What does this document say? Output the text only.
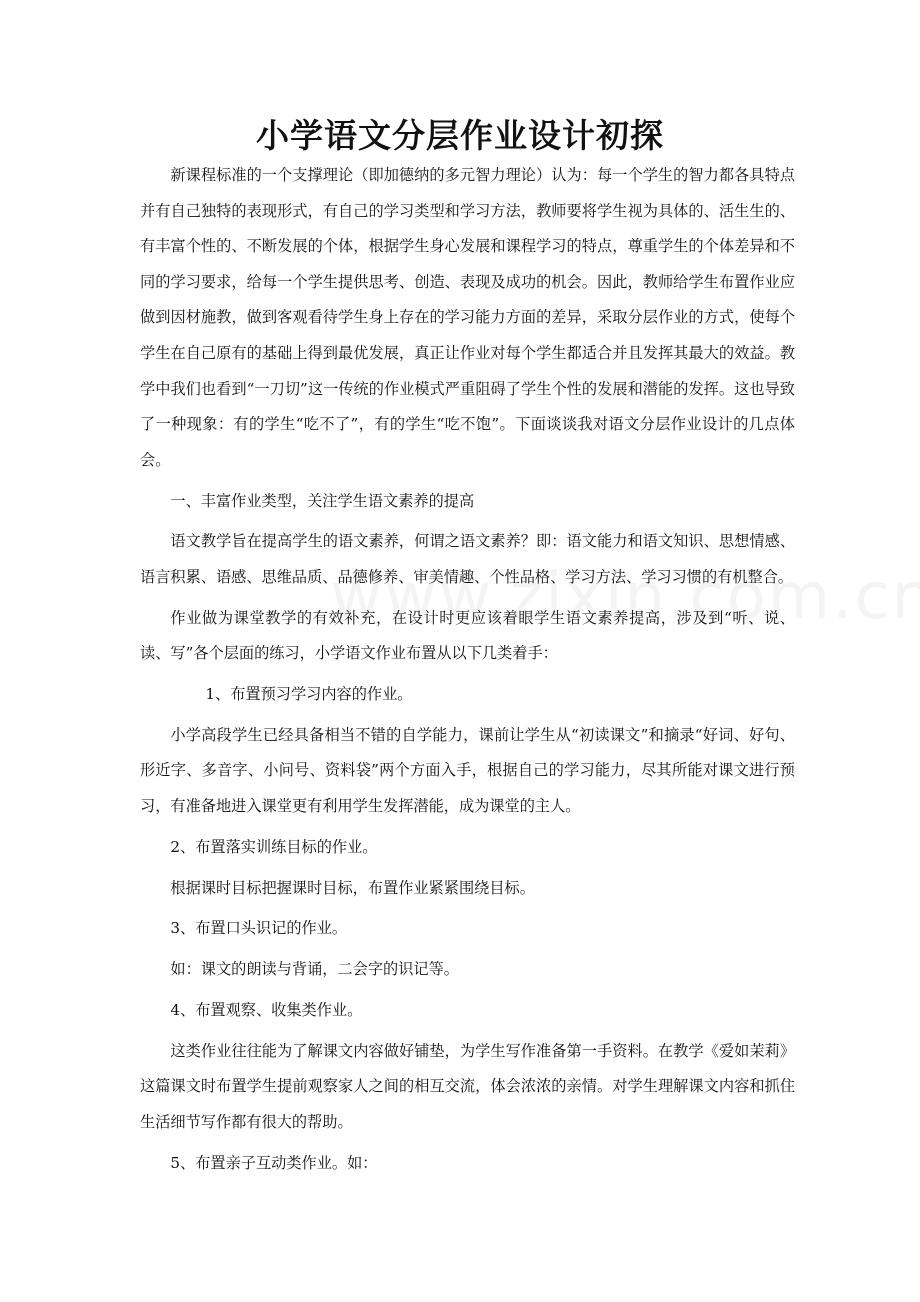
小学语文分层作业设计初探

新课程标准的一个支撑理论（即加德纳的多元智力理论）认为：每一个学生的智力都各具特点并有自己独特的表现形式，有自己的学习类型和学习方法，教师要将学生视为具体的、活生生的、有丰富个性的、不断发展的个体，根据学生身心发展和课程学习的特点，尊重学生的个体差异和不同的学习要求，给每一个学生提供思考、创造、表现及成功的机会。因此，教师给学生布置作业应做到因材施教，做到客观看待学生身上存在的学习能力方面的差异，采取分层作业的方式，使每个学生在自己原有的基础上得到最优发展，真正让作业对每个学生都适合并且发挥其最大的效益。教学中我们也看到“一刀切”这一传统的作业模式严重阻碍了学生个性的发展和潜能的发挥。这也导致了一种现象：有的学生“吃不了”，有的学生“吃不饱”。下面谈谈我对语文分层作业设计的几点体会。

一、丰富作业类型，关注学生语文素养的提高

语文教学旨在提高学生的语文素养，何谓之语文素养？即：语文能力和语文知识、思想情感、语言积累、语感、思维品质、品德修养、审美情趣、个性品格、学习方法、学习习惯的有机整合。

作业做为课堂教学的有效补充，在设计时更应该着眼学生语文素养提高，涉及到“听、说、读、写”各个层面的练习，小学语文作业布置从以下几类着手：

1、布置预习学习内容的作业。

小学高段学生已经具备相当不错的自学能力，课前让学生从“初读课文”和摘录“好词、好句、形近字、多音字、小问号、资料袋”两个方面入手，根据自己的学习能力，尽其所能对课文进行预习，有准备地进入课堂更有利用学生发挥潜能，成为课堂的主人。

2、布置落实训练目标的作业。

根据课时目标把握课时目标，布置作业紧紧围绕目标。

3、布置口头识记的作业。

如：课文的朗读与背诵，二会字的识记等。

4、布置观察、收集类作业。

这类作业往往能为了解课文内容做好铺垫，为学生写作准备第一手资料。在教学《爱如茉莉》这篇课文时布置学生提前观察家人之间的相互交流，体会浓浓的亲情。对学生理解课文内容和抓住生活细节写作都有很大的帮助。

5、布置亲子互动类作业。如：
